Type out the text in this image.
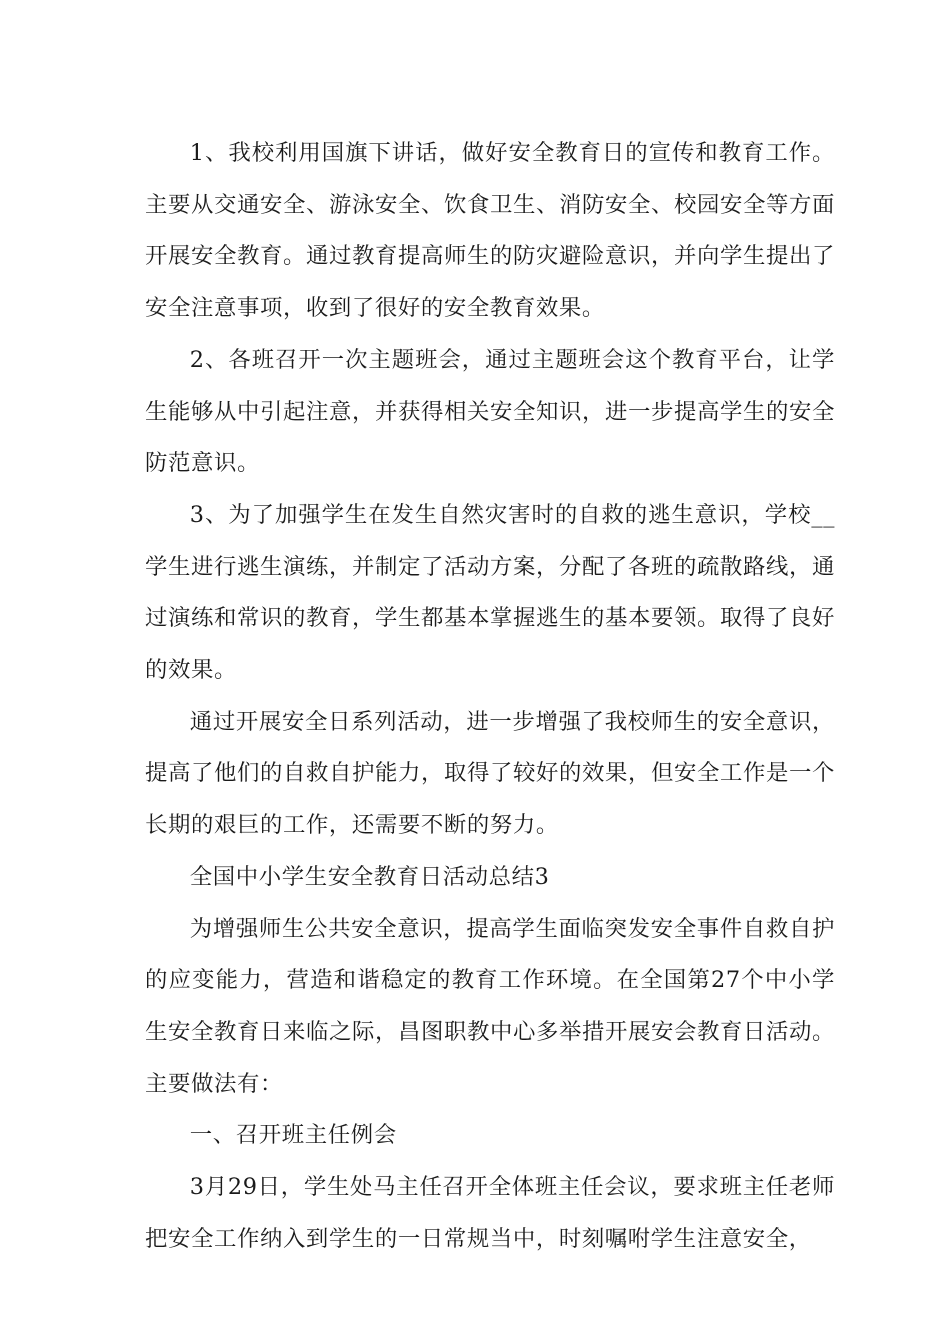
1、我校利用国旗下讲话，做好安全教育日的宣传和教育工作。主要从交通安全、游泳安全、饮食卫生、消防安全、校园安全等方面开展安全教育。通过教育提高师生的防灾避险意识，并向学生提出了安全注意事项，收到了很好的安全教育效果。

2、各班召开一次主题班会，通过主题班会这个教育平台，让学生能够从中引起注意，并获得相关安全知识，进一步提高学生的安全防范意识。

3、为了加强学生在发生自然灾害时的自救的逃生意识，学校__学生进行逃生演练，并制定了活动方案，分配了各班的疏散路线，通过演练和常识的教育，学生都基本掌握逃生的基本要领。取得了良好的效果。

通过开展安全日系列活动，进一步增强了我校师生的安全意识，提高了他们的自救自护能力，取得了较好的效果，但安全工作是一个长期的艰巨的工作，还需要不断的努力。

全国中小学生安全教育日活动总结3

为增强师生公共安全意识，提高学生面临突发安全事件自救自护的应变能力，营造和谐稳定的教育工作环境。在全国第27个中小学生安全教育日来临之际，昌图职教中心多举措开展安会教育日活动。主要做法有：

一、召开班主任例会

3月29日，学生处马主任召开全体班主任会议，要求班主任老师把安全工作纳入到学生的一日常规当中，时刻嘱咐学生注意安全，
